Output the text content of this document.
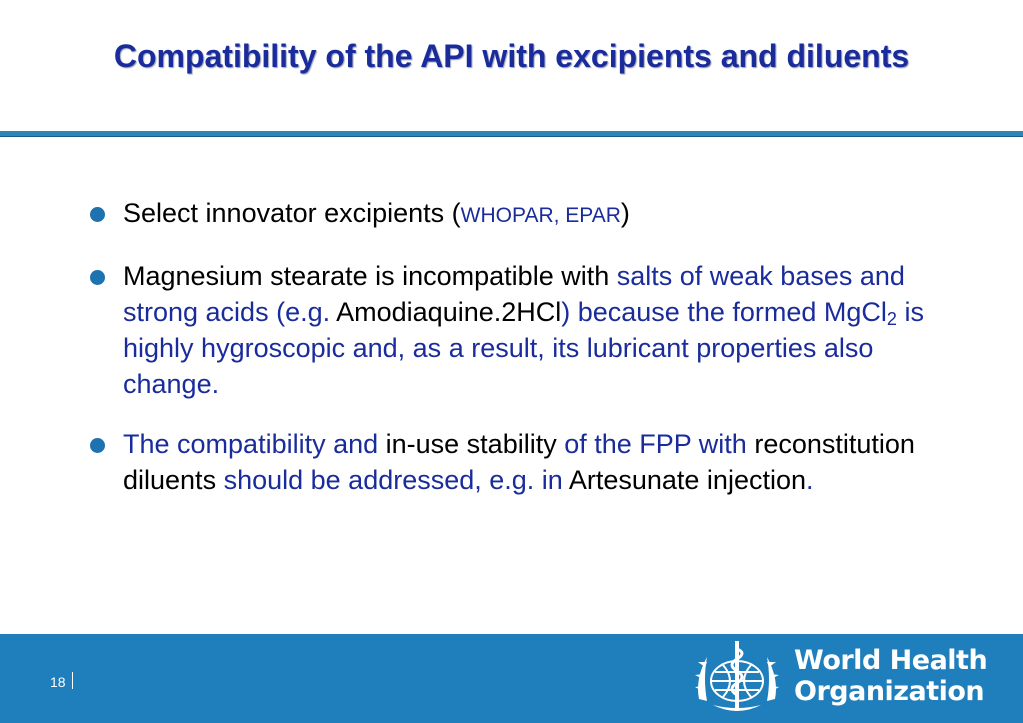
Compatibility of the API with excipients and diluents
Select innovator excipients (WHOPAR, EPAR)
Magnesium stearate is incompatible with salts of weak bases and strong acids (e.g. Amodiaquine.2HCl) because the formed MgCl$_2$ is highly hygroscopic and, as a result, its lubricant properties also change.
The compatibility and in-use stability of the FPP with reconstitution diluents should be addressed, e.g. in Artesunate injection.
18
World Health
Organization
